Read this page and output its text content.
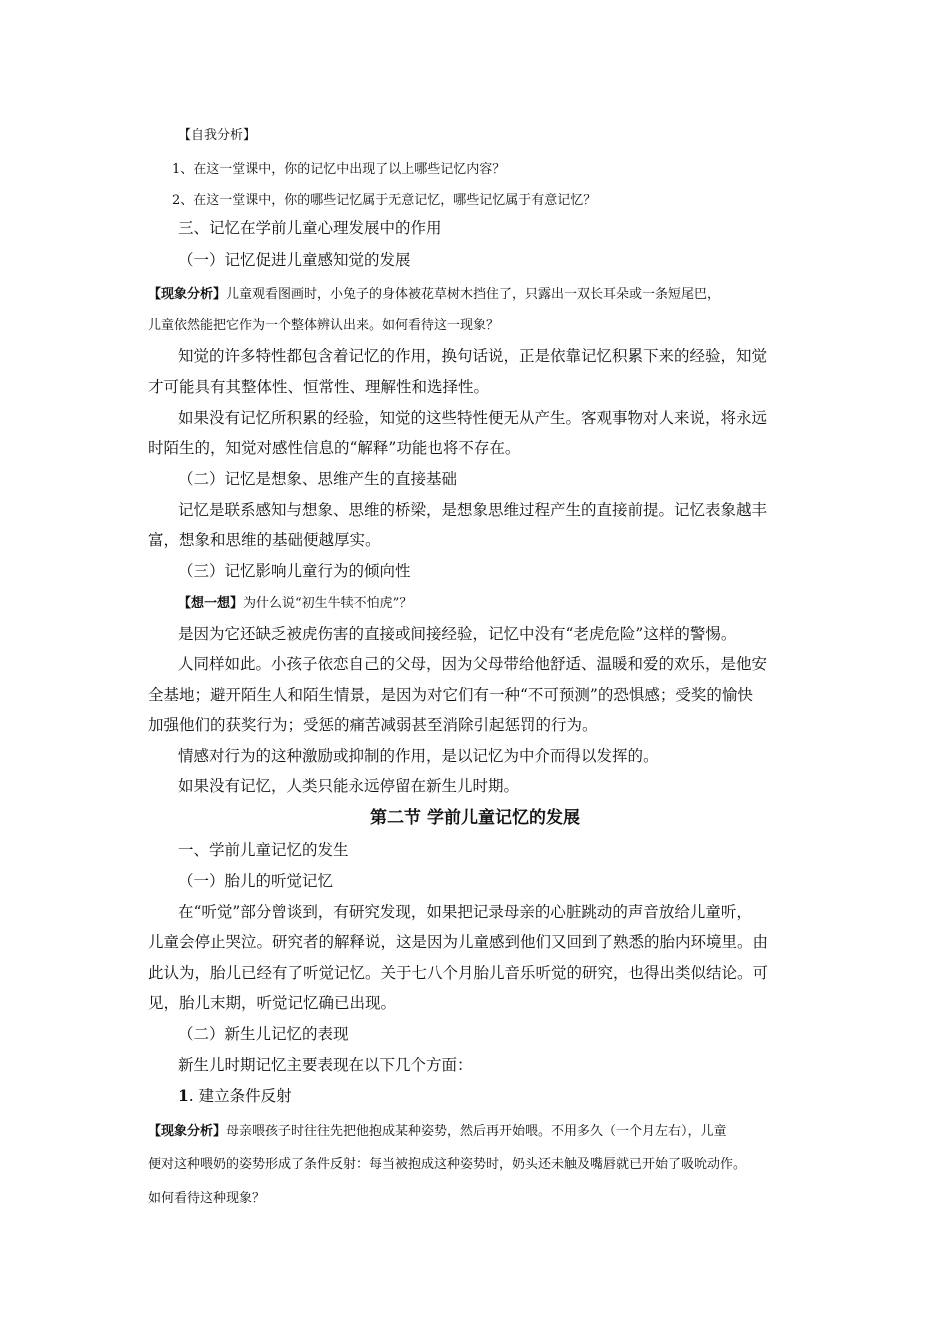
【自我分析】
1、在这一堂课中，你的记忆中出现了以上哪些记忆内容？
2、在这一堂课中，你的哪些记忆属于无意记忆，哪些记忆属于有意记忆？
三、记忆在学前儿童心理发展中的作用
（一）记忆促进儿童感知觉的发展
【现象分析】儿童观看图画时，小兔子的身体被花草树木挡住了，只露出一双长耳朵或一条短尾巴，
儿童依然能把它作为一个整体辨认出来。如何看待这一现象？
知觉的许多特性都包含着记忆的作用，换句话说，正是依靠记忆积累下来的经验，知觉
才可能具有其整体性、恒常性、理解性和选择性。
如果没有记忆所积累的经验，知觉的这些特性便无从产生。客观事物对人来说，将永远
时陌生的，知觉对感性信息的“解释”功能也将不存在。
（二）记忆是想象、思维产生的直接基础
记忆是联系感知与想象、思维的桥梁，是想象思维过程产生的直接前提。记忆表象越丰
富，想象和思维的基础便越厚实。
（三）记忆影响儿童行为的倾向性
【想一想】为什么说“初生牛犊不怕虎”？
是因为它还缺乏被虎伤害的直接或间接经验，记忆中没有“老虎危险”这样的警惕。
人同样如此。小孩子依恋自己的父母，因为父母带给他舒适、温暖和爱的欢乐，是他安
全基地；避开陌生人和陌生情景，是因为对它们有一种“不可预测”的恐惧感；受奖的愉快
加强他们的获奖行为；受惩的痛苦减弱甚至消除引起惩罚的行为。
情感对行为的这种激励或抑制的作用，是以记忆为中介而得以发挥的。
如果没有记忆，人类只能永远停留在新生儿时期。
第二节 学前儿童记忆的发展
一、学前儿童记忆的发生
（一）胎儿的听觉记忆
在“听觉”部分曾谈到，有研究发现，如果把记录母亲的心脏跳动的声音放给儿童听，
儿童会停止哭泣。研究者的解释说，这是因为儿童感到他们又回到了熟悉的胎内环境里。由
此认为，胎儿已经有了听觉记忆。关于七八个月胎儿音乐听觉的研究，也得出类似结论。可
见，胎儿末期，听觉记忆确已出现。
（二）新生儿记忆的表现
新生儿时期记忆主要表现在以下几个方面：
1. 建立条件反射
【现象分析】母亲喂孩子时往往先把他抱成某种姿势，然后再开始喂。不用多久（一个月左右），儿童
便对这种喂奶的姿势形成了条件反射：每当被抱成这种姿势时，奶头还未触及嘴唇就已开始了吸吮动作。
如何看待这种现象？
